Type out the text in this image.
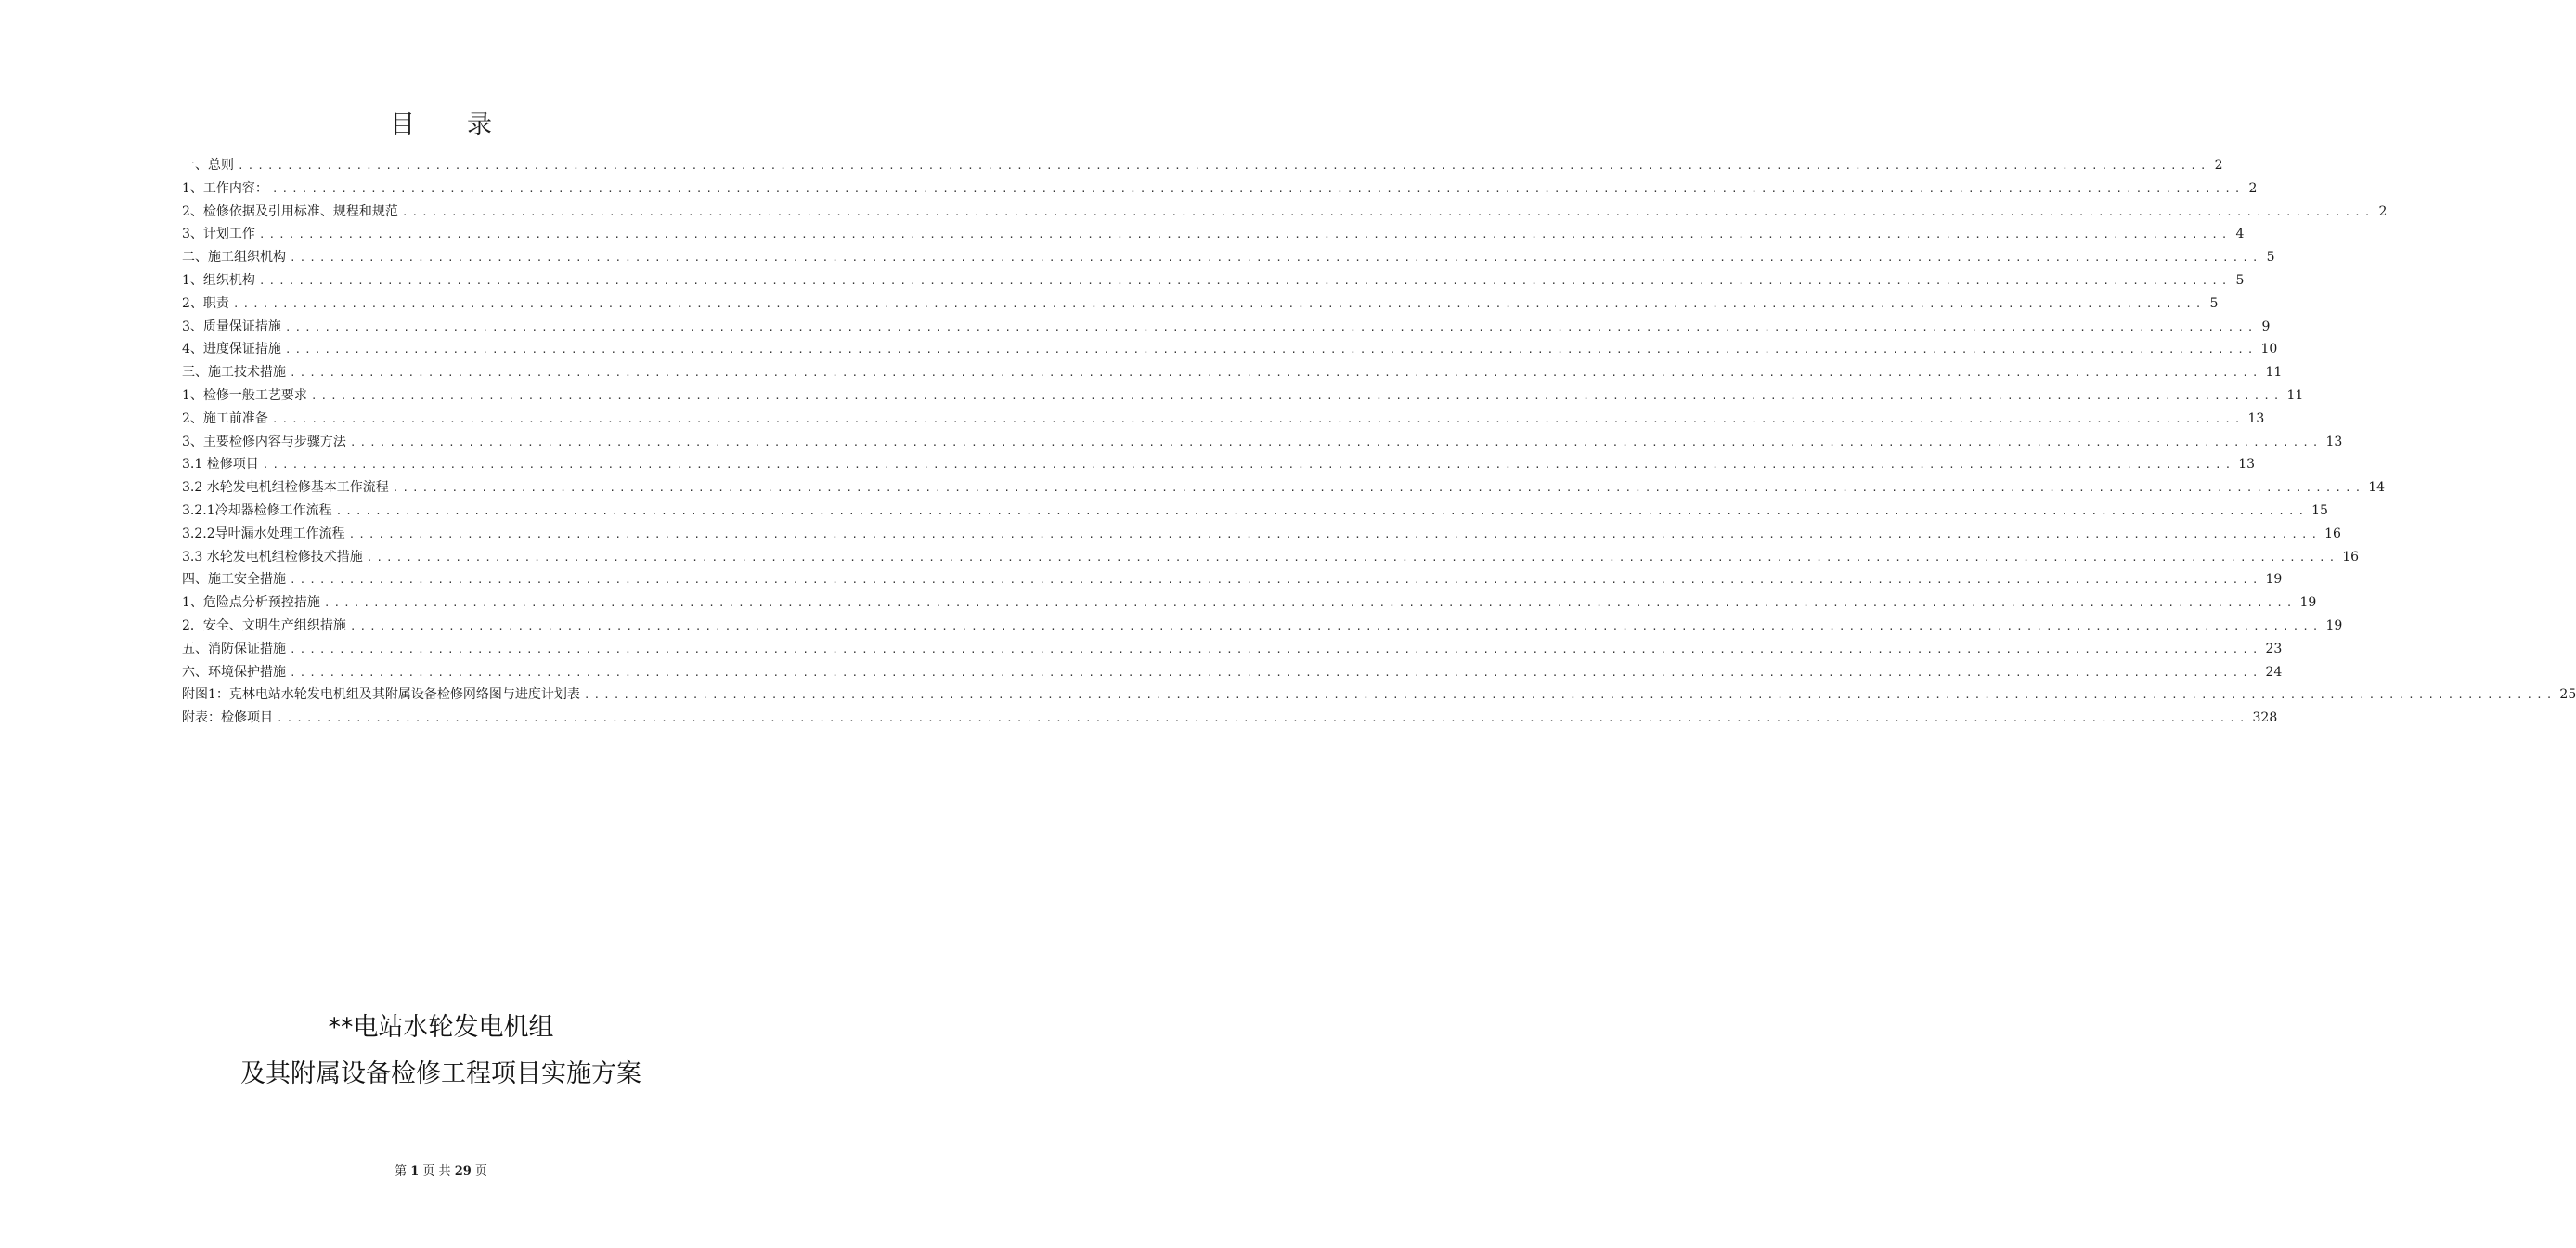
目录
一、总则 ........................................................................................................................................................................................................ 2
1、工作内容： ........................................................................................................................................................................................................ 2
2、检修依据及引用标准、规程和规范 ........................................................................................................................................................................................................ 2
3、计划工作 ........................................................................................................................................................................................................ 4
二、施工组织机构 ........................................................................................................................................................................................................ 5
1、组织机构 ........................................................................................................................................................................................................ 5
2、职责 ........................................................................................................................................................................................................ 5
3、质量保证措施 ........................................................................................................................................................................................................ 9
4、进度保证措施 ........................................................................................................................................................................................................ 10
三、施工技术措施 ........................................................................................................................................................................................................ 11
1、检修一般工艺要求 ........................................................................................................................................................................................................ 11
2、施工前准备 ........................................................................................................................................................................................................ 13
3、主要检修内容与步骤方法 ........................................................................................................................................................................................................ 13
3.1 检修项目 ........................................................................................................................................................................................................ 13
3.2 水轮发电机组检修基本工作流程 ........................................................................................................................................................................................................ 14
3.2.1冷却器检修工作流程 ........................................................................................................................................................................................................ 15
3.2.2导叶漏水处理工作流程 ........................................................................................................................................................................................................ 16
3.3 水轮发电机组检修技术措施 ........................................................................................................................................................................................................ 16
四、施工安全措施 ........................................................................................................................................................................................................ 19
1、危险点分析预控措施 ........................................................................................................................................................................................................ 19
2．安全、文明生产组织措施 ........................................................................................................................................................................................................ 19
五、消防保证措施 ........................................................................................................................................................................................................ 23
六、环境保护措施 ........................................................................................................................................................................................................ 24
附图1：克林电站水轮发电机组及其附属设备检修网络图与进度计划表 ........................................................................................................................................................................................................ 25
附表：检修项目 ........................................................................................................................................................................................................ 328
**电站水轮发电机组
及其附属设备检修工程项目实施方案
第 1 页 共 29 页
